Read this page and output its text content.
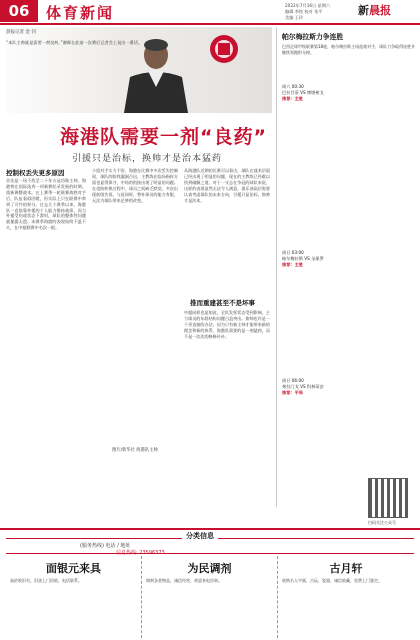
06	体育新闻	2022年7月16日 星期六
编辑 李悦 校对 张平
美编 王玲
新晨报
晨报记者 金 钊
“本队主帅就是需要一剂良药，”谢晖在此前一次赛后记者会上说出一番话。
海港队需要一剂“良药”
引援只是治标，换帅才是治本猛药
控制权丢失更多原因
首先是一场不敌至二十年五冠功勋主帅，海港曾在国际选秀一项新赛纪录发展的时期，重新调整战术。在上赛季一轮联赛战胜对手后，队伍看似回暖，但实际上只在联赛中拿到了可怜的积分。过去几个赛季以来，海港队一直依靠外援的个人能力维持战绩，而当外援受伤或状态下滑时，球队的整体性问题就暴露无遗。本赛季海港的表现始终不温不火，在中超联赛中名次一般。
小组对手实力不俗，海港在比赛中多次丢失控制权，球队的防线漏洞百出。主教练在临场指挥方面也显得保守，中场的衔接出现了明显的问题。在攻防转换过程中，球员之间缺乏默契，多次出现低级失误。与此同时，替补球员的能力有限，无法为球队带来足够的改变。
从海港队近期的比赛可以看出，球队在战术层面已经出现了明显的问题，现在的主教练已经难以找到破解之道。对于一支志在争冠的球队来说，这样的表现显然无法令人满意。俱乐部高层需要认真考虑球队的未来方向，引援只是治标，换帅才是治本。
推而重建甚至不是坏事
中超同样也是如此，全队发挥状态受到影响，主力球员的年龄结构问题日益突出。换帅也许是一个更直接的办法，因为只有新主帅才能带来新的理念和新的体系。海港队需要的是一剂猛药，而不是一次次的修修补补。
图片/新华社 海港队主帅
帕尔梅拉斯力争连胜
巴西足球甲级联赛第18轮，帕尔梅拉斯主场迎战对手，球队力争取得连胜并继续领跑积分榜。
周六 00:30
巴拉甘蒂 VS 博塔弗戈
推荐：主胜
周日 03:00
帕尔梅拉斯 VS 圣保罗
推荐：主胜
周日 06:00
弗拉门戈 VS 科林蒂安
推荐：平局
扫码关注公众号
分类信息
(服务热线) 电话 / 地址
信息热线: 23596373
面银元来具
高价收旧书，旧货上门回收，电话联系。
为民调剂
调剂各类物品，诚信经营，欢迎来电咨询。
古月轩
收购名人字画、古玩、瓷器，诚信收藏，免费上门鉴定。
